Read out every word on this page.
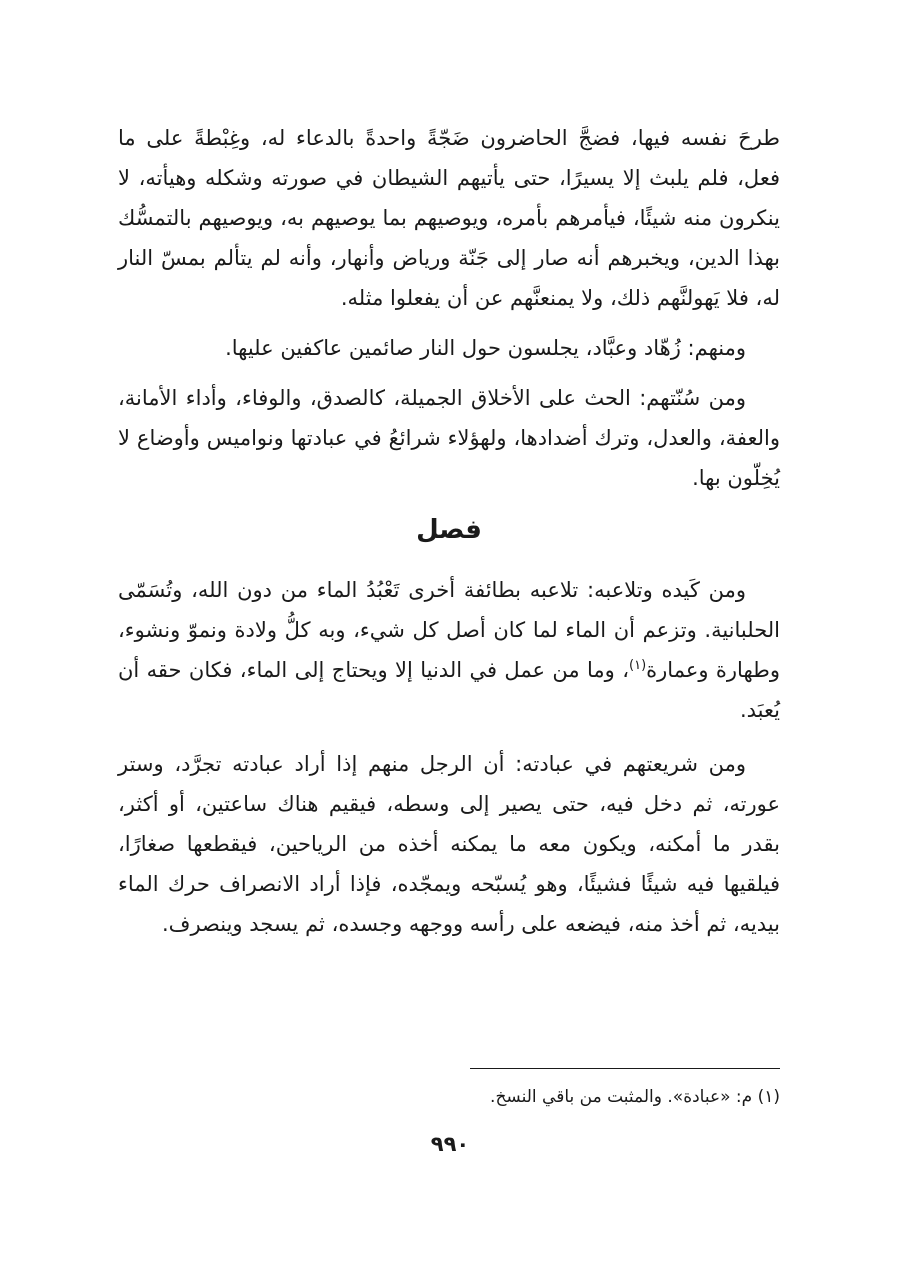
طرحَ نفسه فيها، فضجَّ الحاضرون ضَجّةً واحدةً بالدعاء له، وغِبْطةً على ما فعل، فلم يلبث إلا يسيرًا، حتى يأتيهم الشيطان في صورته وشكله وهيأته، لا ينكرون منه شيئًا، فيأمرهم بأمره، ويوصيهم بما يوصيهم به، ويوصيهم بالتمسُّك بهذا الدين، ويخبرهم أنه صار إلى جَنّة ورياض وأنهار، وأنه لم يتألم بمسّ النار له، فلا يَهولنَّهم ذلك، ولا يمنعنَّهم عن أن يفعلوا مثله.

ومنهم: زُهّاد وعبَّاد، يجلسون حول النار صائمين عاكفين عليها.

ومن سُنّتهم: الحث على الأخلاق الجميلة، كالصدق، والوفاء، وأداء الأمانة، والعفة، والعدل، وترك أضدادها، ولهؤلاء شرائعُ في عبادتها ونواميس وأوضاع لا يُخِلّون بها.

فصل

ومن كَيده وتلاعبه: تلاعبه بطائفة أخرى تَعْبُدُ الماء من دون الله، وتُسَمّى الحلبانية. وتزعم أن الماء لما كان أصل كل شيء، وبه كلُّ ولادة ونموّ ونشوء، وطهارة وعمارة$^{(١)}$، وما من عمل في الدنيا إلا ويحتاج إلى الماء، فكان حقه أن يُعبَد.

ومن شريعتهم في عبادته: أن الرجل منهم إذا أراد عبادته تجرَّد، وستر عورته، ثم دخل فيه، حتى يصير إلى وسطه، فيقيم هناك ساعتين، أو أكثر، بقدر ما أمكنه، ويكون معه ما يمكنه أخذه من الرياحين، فيقطعها صغارًا، فيلقيها فيه شيئًا فشيئًا، وهو يُسبّحه ويمجّده، فإذا أراد الانصراف حرك الماء بيديه، ثم أخذ منه، فيضعه على رأسه ووجهه وجسده، ثم يسجد وينصرف.

(١) م: «عبادة». والمثبت من باقي النسخ.
٩٩٠
